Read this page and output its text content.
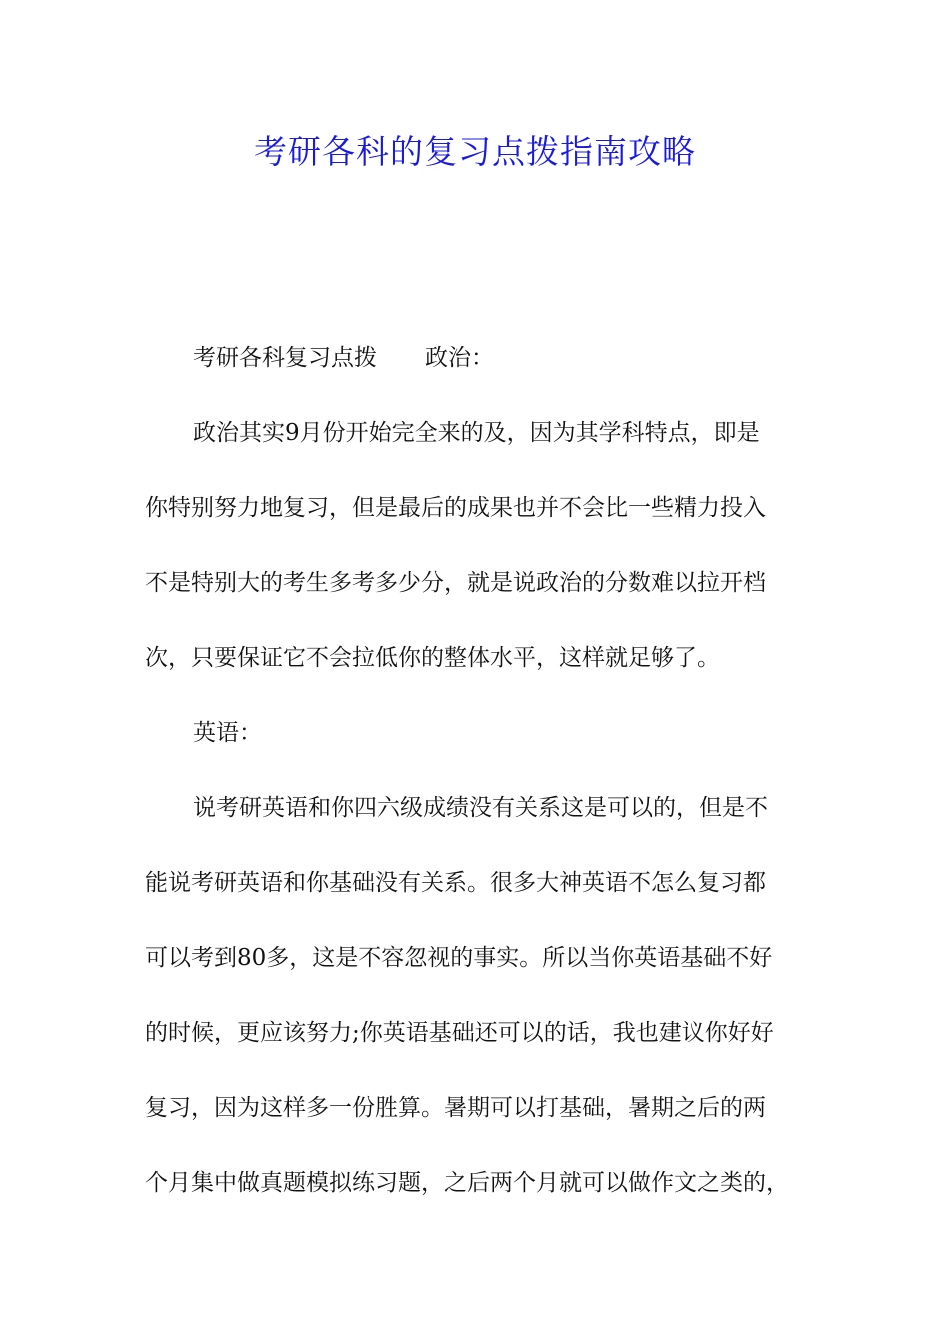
考研各科的复习点拨指南攻略
考研各科复习点拨 政治：
政治其实9月份开始完全来的及，因为其学科特点，即是
你特别努力地复习，但是最后的成果也并不会比一些精力投入
不是特别大的考生多考多少分，就是说政治的分数难以拉开档
次，只要保证它不会拉低你的整体水平，这样就足够了。
英语：
说考研英语和你四六级成绩没有关系这是可以的，但是不
能说考研英语和你基础没有关系。很多大神英语不怎么复习都
可以考到80多，这是不容忽视的事实。所以当你英语基础不好
的时候，更应该努力;你英语基础还可以的话，我也建议你好好
复习，因为这样多一份胜算。暑期可以打基础，暑期之后的两
个月集中做真题模拟练习题，之后两个月就可以做作文之类的，
